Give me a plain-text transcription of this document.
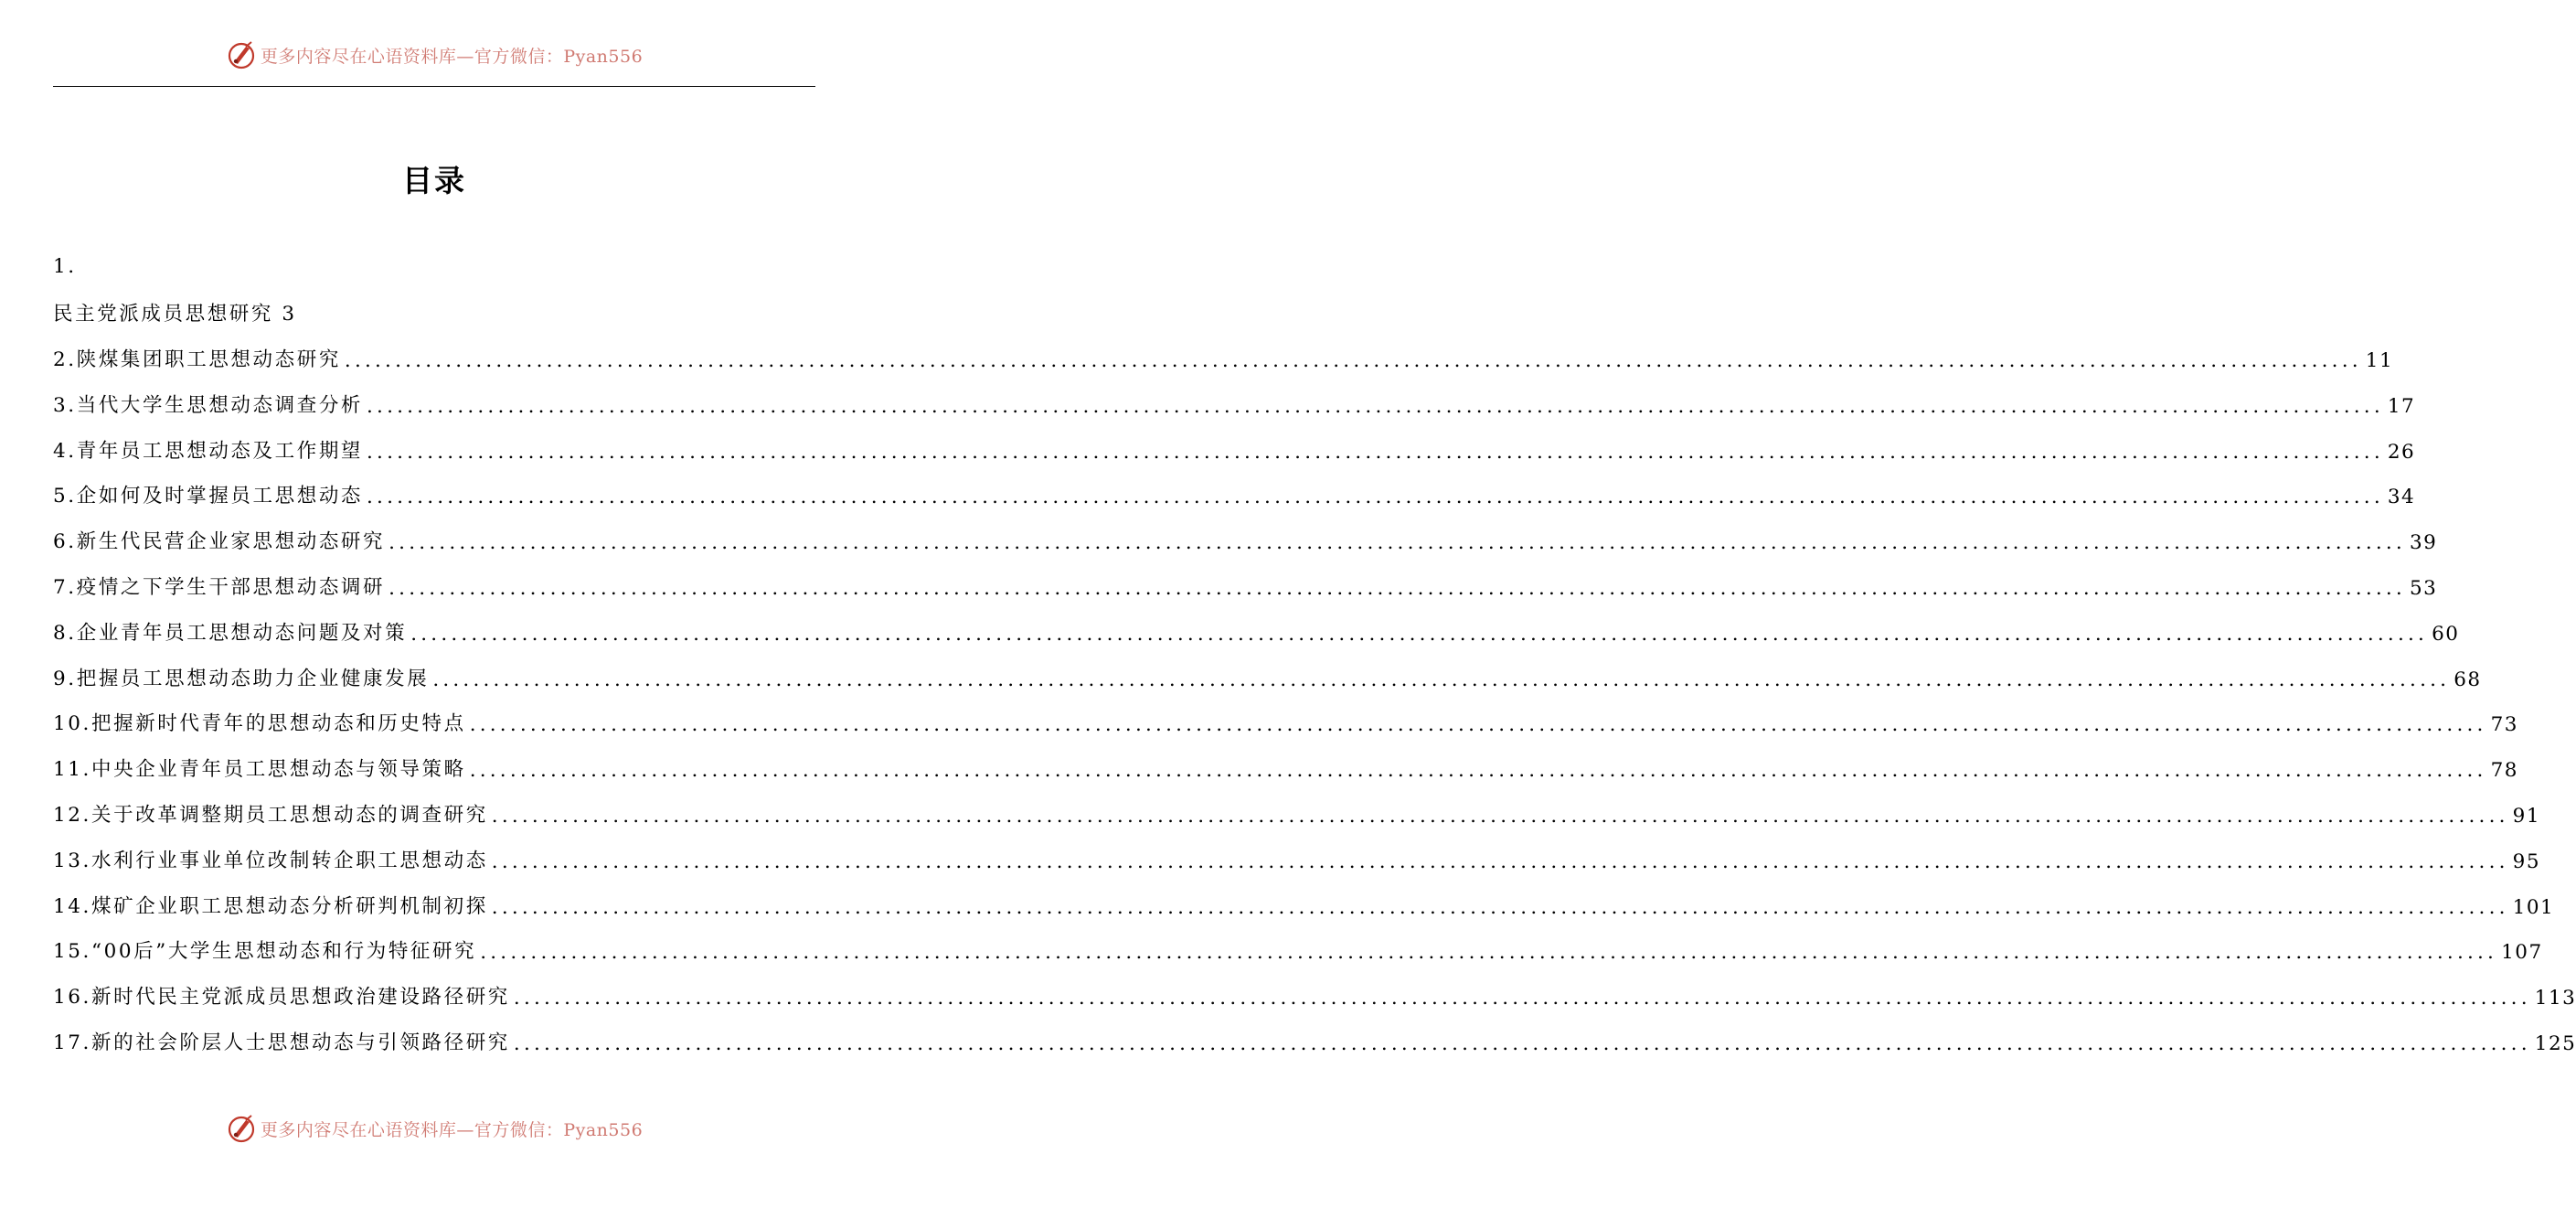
更多内容尽在心语资料库—官方微信：Pyan556
目录
1.
民主党派成员思想研究 3
2.陕煤集团职工思想动态研究 ........................................................................................................................................................................................................ 11
3.当代大学生思想动态调查分析 ........................................................................................................................................................................................................ 17
4.青年员工思想动态及工作期望 ........................................................................................................................................................................................................ 26
5.企如何及时掌握员工思想动态 ........................................................................................................................................................................................................ 34
6.新生代民营企业家思想动态研究 ........................................................................................................................................................................................................ 39
7.疫情之下学生干部思想动态调研 ........................................................................................................................................................................................................ 53
8.企业青年员工思想动态问题及对策 ........................................................................................................................................................................................................ 60
9.把握员工思想动态助力企业健康发展 ........................................................................................................................................................................................................ 68
10.把握新时代青年的思想动态和历史特点 ........................................................................................................................................................................................................ 73
11.中央企业青年员工思想动态与领导策略 ........................................................................................................................................................................................................ 78
12.关于改革调整期员工思想动态的调查研究 ........................................................................................................................................................................................................ 91
13.水利行业事业单位改制转企职工思想动态 ........................................................................................................................................................................................................ 95
14.煤矿企业职工思想动态分析研判机制初探 ........................................................................................................................................................................................................ 101
15.“00后”大学生思想动态和行为特征研究 ........................................................................................................................................................................................................ 107
16.新时代民主党派成员思想政治建设路径研究 ........................................................................................................................................................................................................ 113
17.新的社会阶层人士思想动态与引领路径研究 ........................................................................................................................................................................................................ 125
更多内容尽在心语资料库—官方微信：Pyan556
